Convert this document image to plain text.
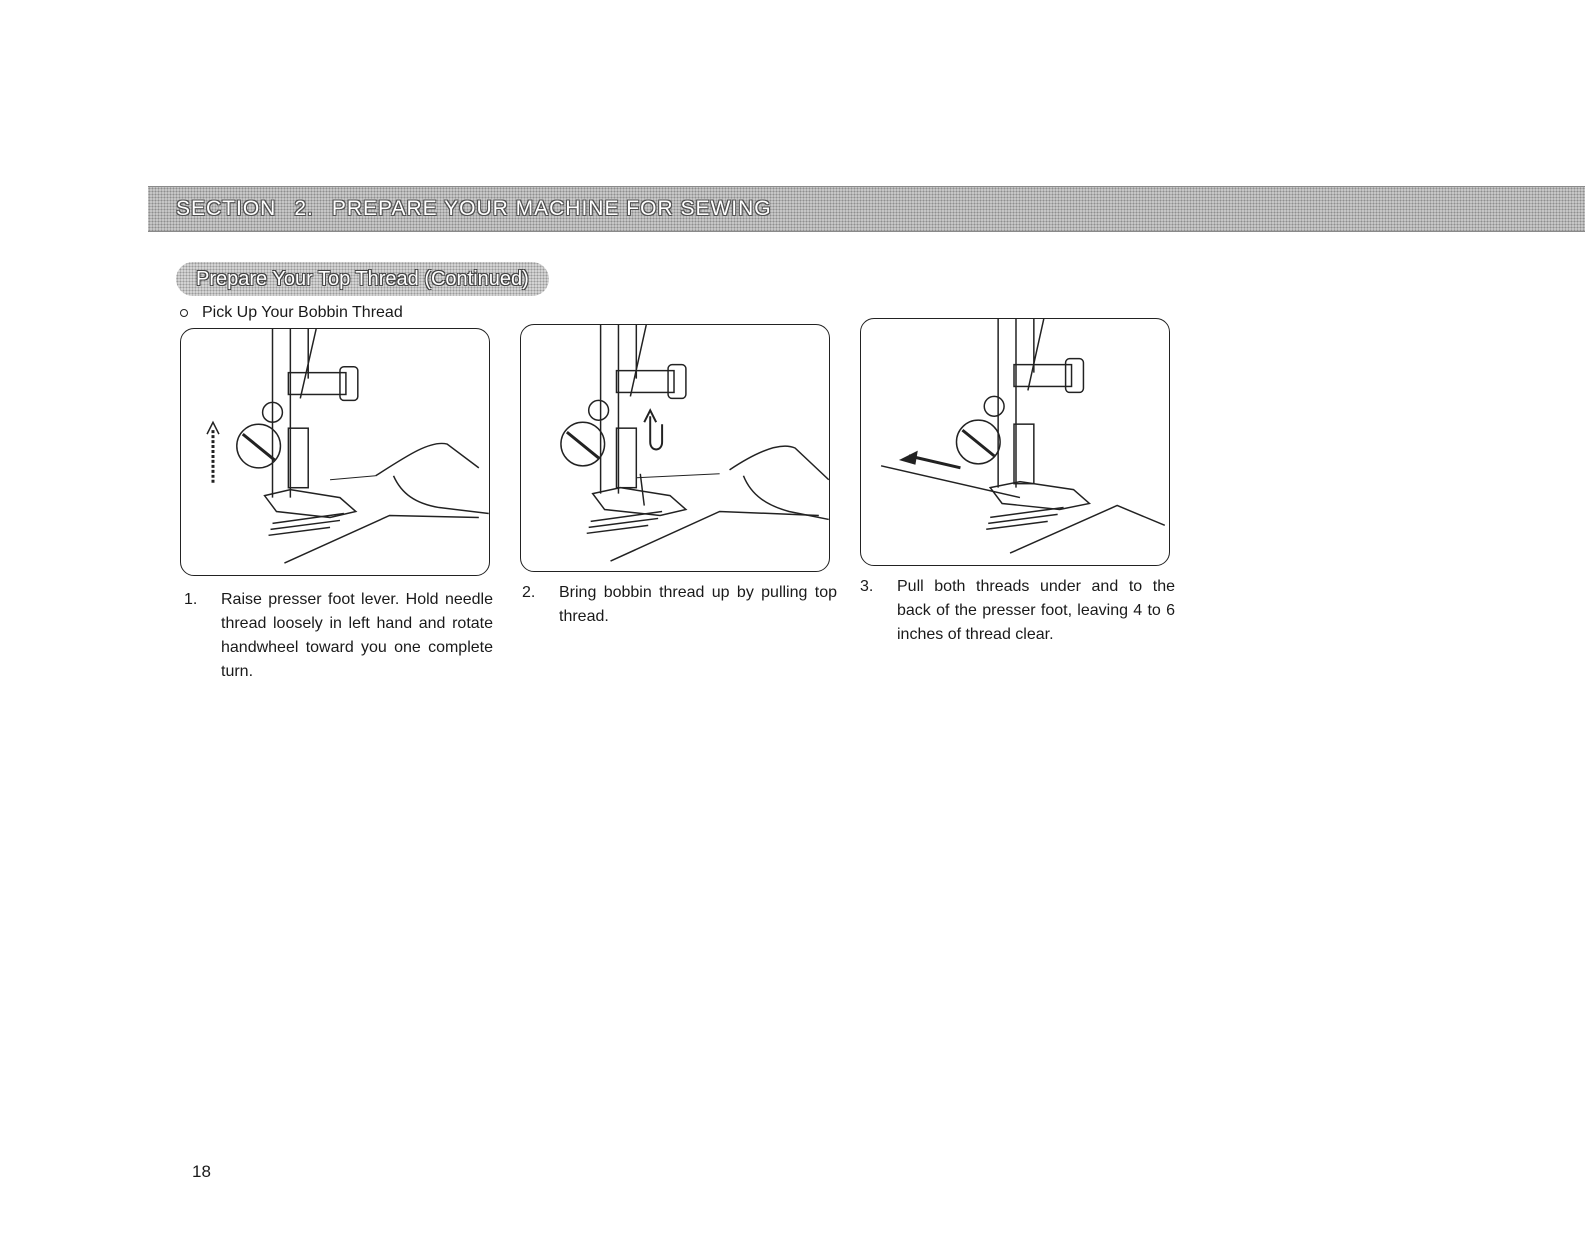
SECTION 2. PREPARE YOUR MACHINE FOR SEWING
Prepare Your Top Thread (Continued)
Pick Up Your Bobbin Thread
1. Raise presser foot lever. Hold needle thread loosely in left hand and rotate handwheel toward you one complete turn.
2. Bring bobbin thread up by pulling top thread.
3. Pull both threads under and to the back of the presser foot, leaving 4 to 6 inches of thread clear.
18
